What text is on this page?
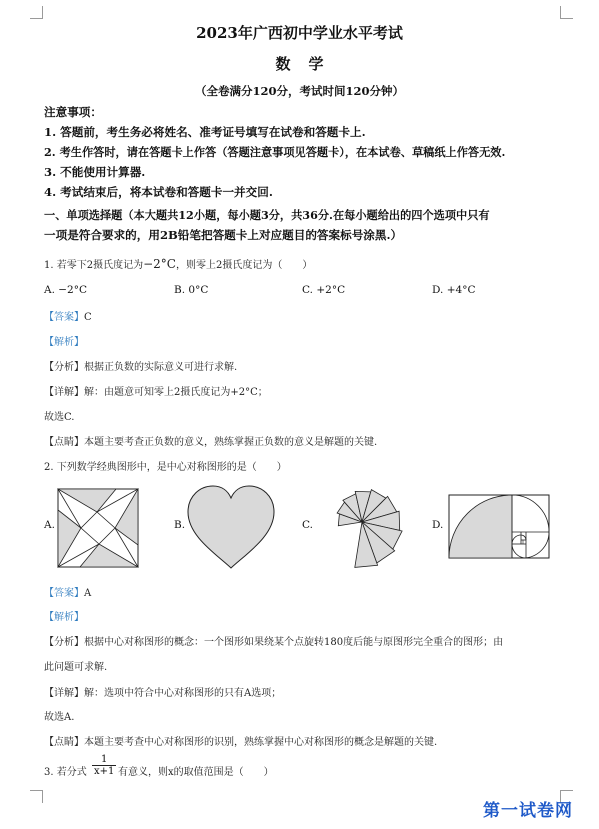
2023年广西初中学业水平考试
数学
（全卷满分120分，考试时间120分钟）
注意事项：
1. 答题前，考生务必将姓名、准考证号填写在试卷和答题卡上.
2. 考生作答时，请在答题卡上作答（答题注意事项见答题卡），在本试卷、草稿纸上作答无效.
3. 不能使用计算器.
4. 考试结束后，将本试卷和答题卡一并交回.
一、单项选择题（本大题共12小题，每小题3分，共36分.在每小题给出的四个选项中只有
一项是符合要求的，用2B铅笔把答题卡上对应题目的答案标号涂黑.）
1. 若零下2摄氏度记为−2°C，则零上2摄氏度记为（　　）
A. −2°C	B. 0°C	C. +2°C	D. +4°C
【答案】C
【解析】
【分析】根据正负数的实际意义可进行求解.
【详解】解：由题意可知零上2摄氏度记为+2°C；
故选C.
【点睛】本题主要考查正负数的意义，熟练掌握正负数的意义是解题的关键.
2. 下列数学经典图形中，是中心对称图形的是（　　）
A.	B.	C.	D.
【答案】A
【解析】
【分析】根据中心对称图形的概念：一个图形如果绕某个点旋转180度后能与原图形完全重合的图形；由
此问题可求解.
【详解】解：选项中符合中心对称图形的只有A选项；
故选A.
【点睛】本题主要考查中心对称图形的识别，熟练掌握中心对称图形的概念是解题的关键.
3. 若分式 $\frac{1}{x+1}$ 有意义，则x的取值范围是（　　）
第一试卷网
